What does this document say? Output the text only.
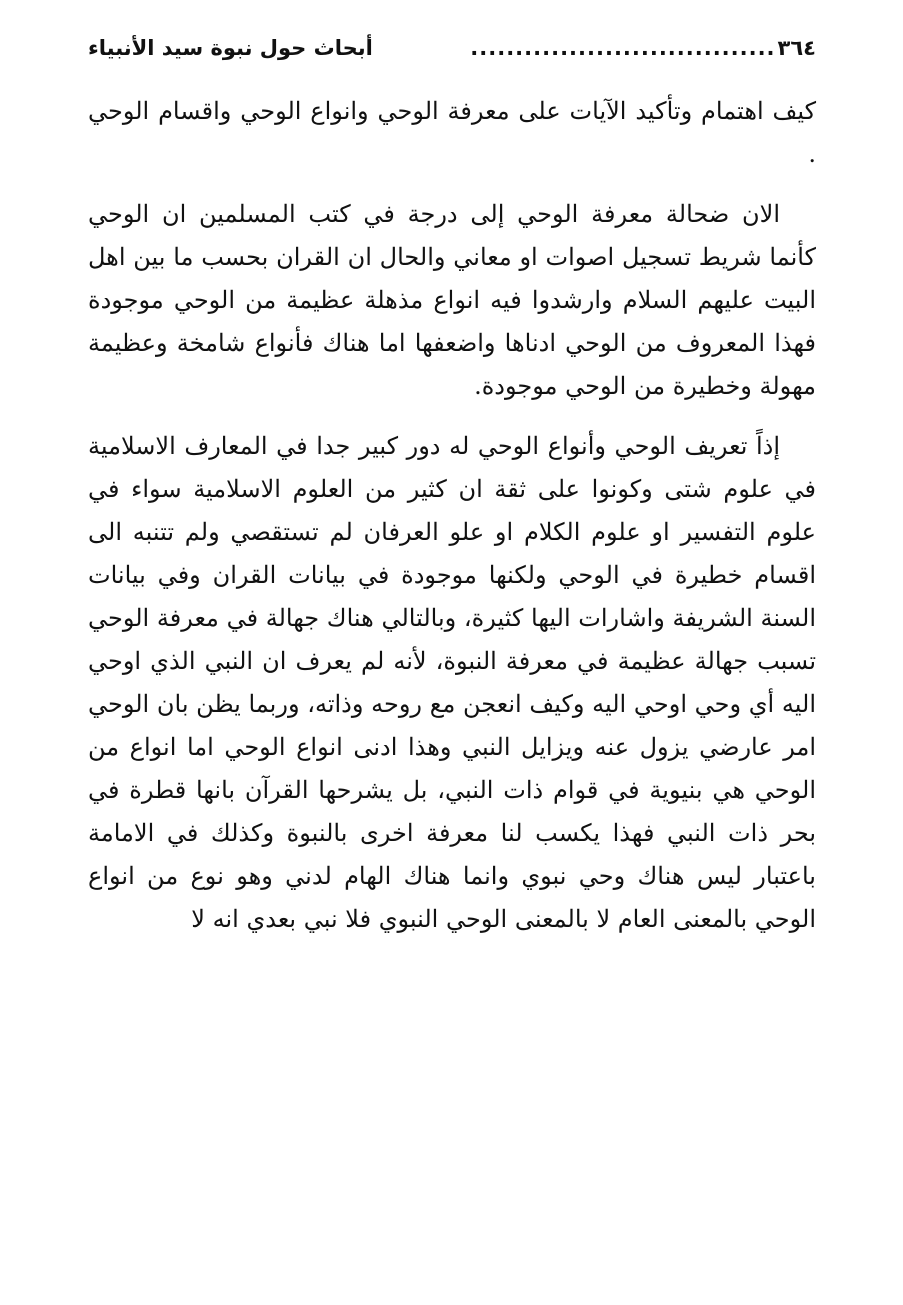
٣٦٤
..................................
أبحاث حول نبوة سيد الأنبياء

كيف اهتمام وتأكيد الآيات على معرفة الوحي وانواع الوحي واقسام الوحي .

الان ضحالة معرفة الوحي إلى درجة في كتب المسلمين ان الوحي كأنما شريط تسجيل اصوات او معاني والحال ان القران بحسب ما بين اهل البيت عليهم السلام وارشدوا فيه انواع مذهلة عظيمة من الوحي موجودة فهذا المعروف من الوحي ادناها واضعفها اما هناك فأنواع شامخة وعظيمة مهولة وخطيرة من الوحي موجودة.

إذاً تعريف الوحي وأنواع الوحي له دور كبير جدا في المعارف الاسلامية في علوم شتى وكونوا على ثقة ان كثير من العلوم الاسلامية سواء في علوم التفسير او علوم الكلام او علو العرفان لم تستقصي ولم تتنبه الى اقسام خطيرة في الوحي ولكنها موجودة في بيانات القران وفي بيانات السنة الشريفة واشارات اليها كثيرة، وبالتالي هناك جهالة في معرفة الوحي تسبب جهالة عظيمة في معرفة النبوة، لأنه لم يعرف ان النبي الذي اوحي اليه أي وحي اوحي اليه وكيف انعجن مع روحه وذاته، وربما يظن بان الوحي امر عارضي يزول عنه ويزايل النبي وهذا ادنى انواع الوحي اما انواع من الوحي هي بنيوية في قوام ذات النبي، بل يشرحها القرآن بانها قطرة في بحر ذات النبي فهذا يكسب لنا معرفة اخرى بالنبوة وكذلك في الامامة باعتبار ليس هناك وحي نبوي وانما هناك الهام لدني وهو نوع من انواع الوحي بالمعنى العام لا بالمعنى الوحي النبوي فلا نبي بعدي انه لا
